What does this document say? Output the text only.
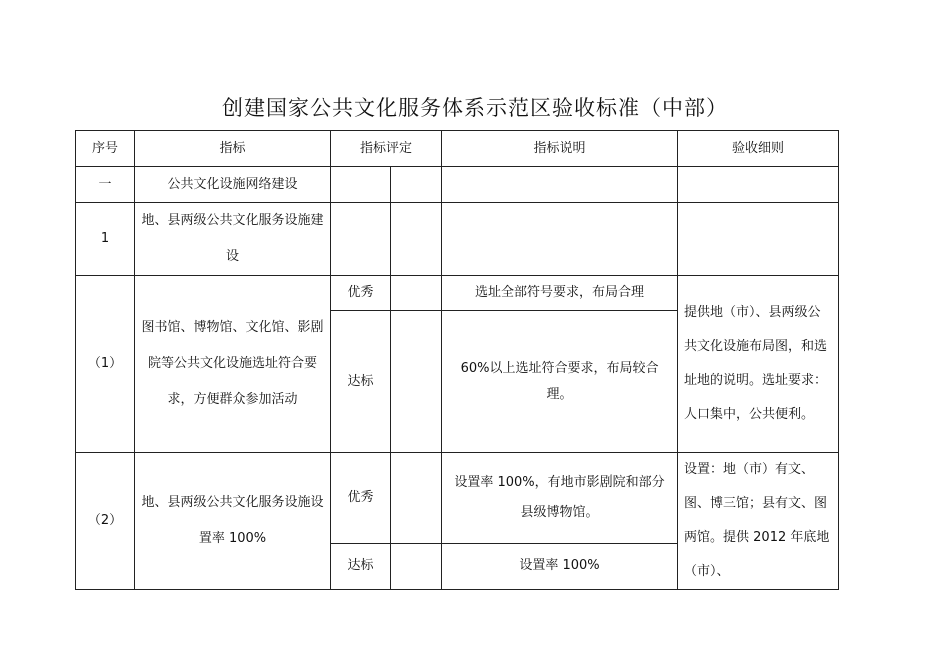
创建国家公共文化服务体系示范区验收标准（中部）
序号	指标	指标评定		指标说明	验收细则
一	公共文化设施网络建设				
1	地、县两级公共文化服务设施建设				
（1）	图书馆、博物馆、文化馆、影剧院等公共文化设施选址符合要求，方便群众参加活动	优秀		选址全部符号要求，布局合理	提供地（市）、县两级公共文化设施布局图，和选址地的说明。选址要求：人口集中，公共便利。
		达标		60%以上选址符合要求，布局较合理。	
（2）	地、县两级公共文化服务设施设置率 100%	优秀		设置率 100%，有地市影剧院和部分县级博物馆。	设置：地（市）有文、图、博三馆；县有文、图两馆。提供 2012 年底地（市）、
		达标		设置率 100%	
